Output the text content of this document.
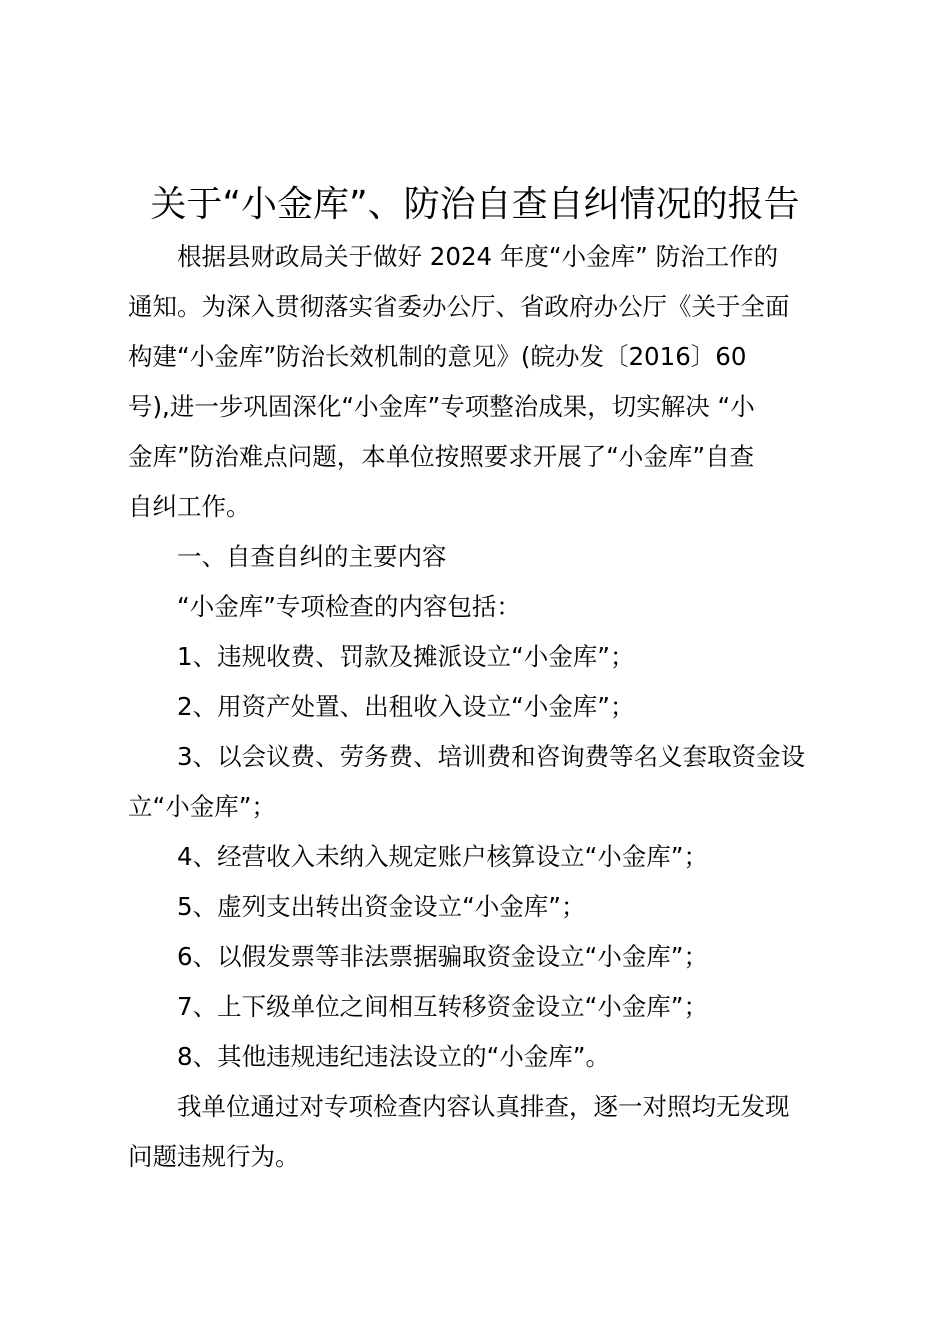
关于“小金库”、防治自查自纠情况的报告
根据县财政局关于做好 2024 年度“小金库” 防治工作的
通知。为深入贯彻落实省委办公厅、省政府办公厅《关于全面
构建“小金库”防治长效机制的意见》(皖办发〔2016〕60
号),进一步巩固深化“小金库”专项整治成果，切实解决 “小
金库”防治难点问题，本单位按照要求开展了“小金库”自查
自纠工作。
一、自查自纠的主要内容
“小金库”专项检查的内容包括：
1、违规收费、罚款及摊派设立“小金库”；
2、用资产处置、出租收入设立“小金库”；
3、以会议费、劳务费、培训费和咨询费等名义套取资金设
立“小金库”；
4、经营收入未纳入规定账户核算设立“小金库”；
5、虚列支出转出资金设立“小金库”；
6、以假发票等非法票据骗取资金设立“小金库”；
7、上下级单位之间相互转移资金设立“小金库”；
8、其他违规违纪违法设立的“小金库”。
我单位通过对专项检查内容认真排查，逐一对照均无发现
问题违规行为。
